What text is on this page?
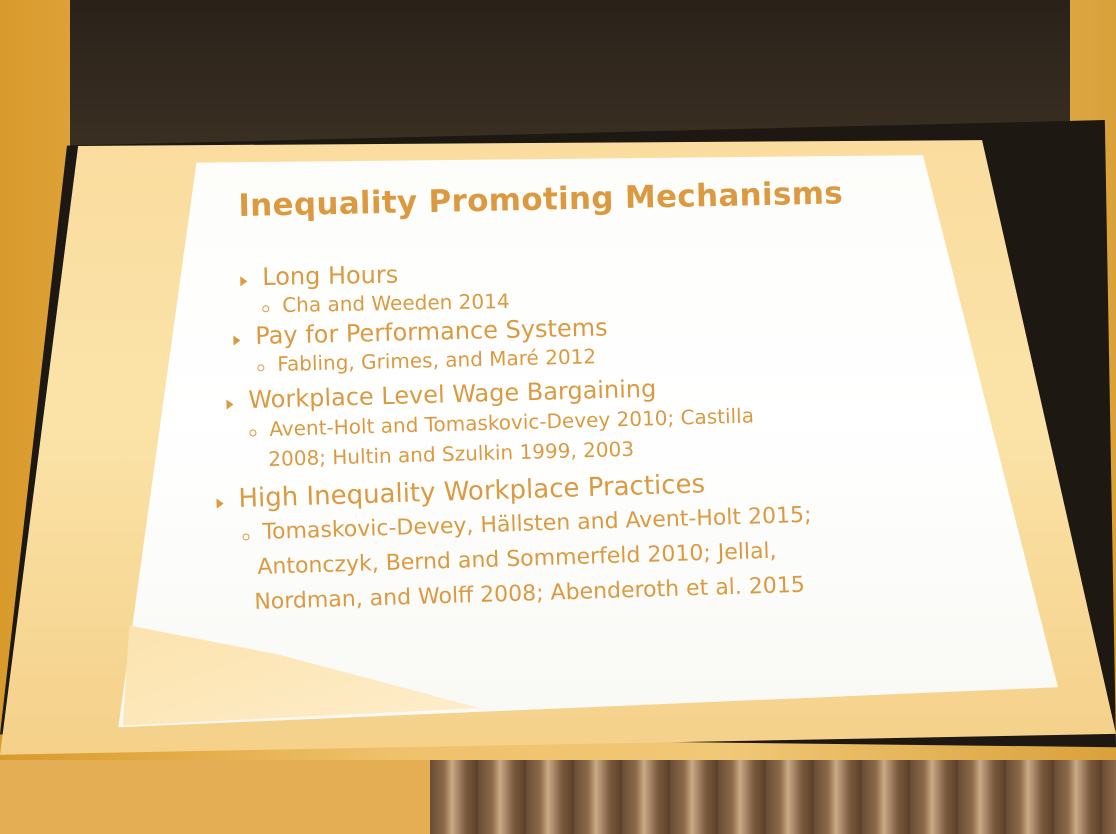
Inequality Promoting Mechanisms
Long Hours
Cha and Weeden 2014
Pay for Performance Systems
Fabling, Grimes, and Maré 2012
Workplace Level Wage Bargaining
Avent-Holt and Tomaskovic-Devey 2010; Castilla
2008; Hultin and Szulkin 1999, 2003
High Inequality Workplace Practices
Tomaskovic-Devey, Hällsten and Avent-Holt 2015;
Antonczyk, Bernd and Sommerfeld 2010; Jellal,
Nordman, and Wolff 2008; Abenderoth et al. 2015
